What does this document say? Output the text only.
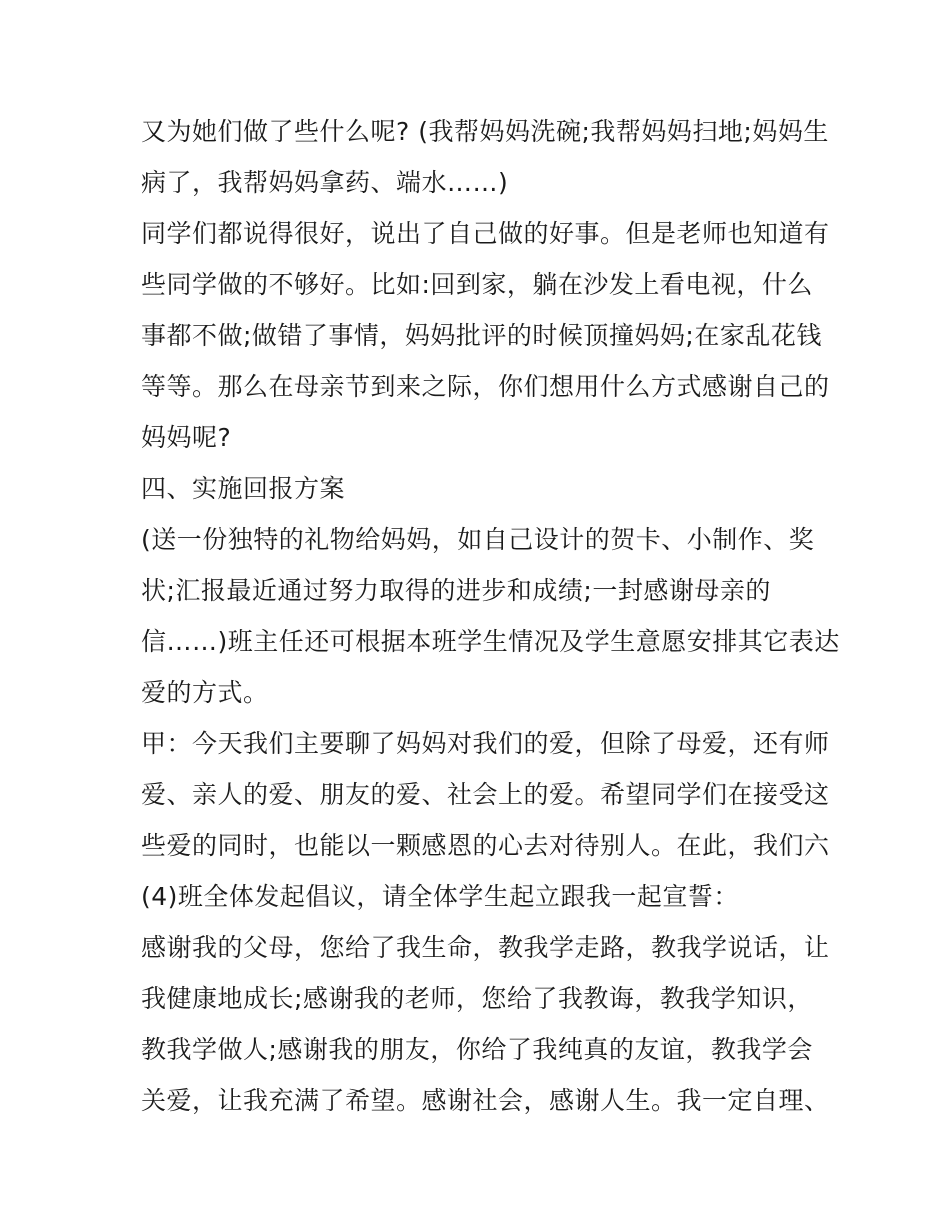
又为她们做了些什么呢? (我帮妈妈洗碗;我帮妈妈扫地;妈妈生
病了，我帮妈妈拿药、端水……)
同学们都说得很好，说出了自己做的好事。但是老师也知道有
些同学做的不够好。比如:回到家，躺在沙发上看电视，什么
事都不做;做错了事情，妈妈批评的时候顶撞妈妈;在家乱花钱
等等。那么在母亲节到来之际，你们想用什么方式感谢自己的
妈妈呢?
四、实施回报方案
(送一份独特的礼物给妈妈，如自己设计的贺卡、小制作、奖
状;汇报最近通过努力取得的进步和成绩;一封感谢母亲的
信……)班主任还可根据本班学生情况及学生意愿安排其它表达
爱的方式。
甲：今天我们主要聊了妈妈对我们的爱，但除了母爱，还有师
爱、亲人的爱、朋友的爱、社会上的爱。希望同学们在接受这
些爱的同时，也能以一颗感恩的心去对待别人。在此，我们六
(4)班全体发起倡议，请全体学生起立跟我一起宣誓：
感谢我的父母，您给了我生命，教我学走路，教我学说话，让
我健康地成长;感谢我的老师，您给了我教诲，教我学知识，
教我学做人;感谢我的朋友，你给了我纯真的友谊，教我学会
关爱，让我充满了希望。感谢社会，感谢人生。我一定自理、
